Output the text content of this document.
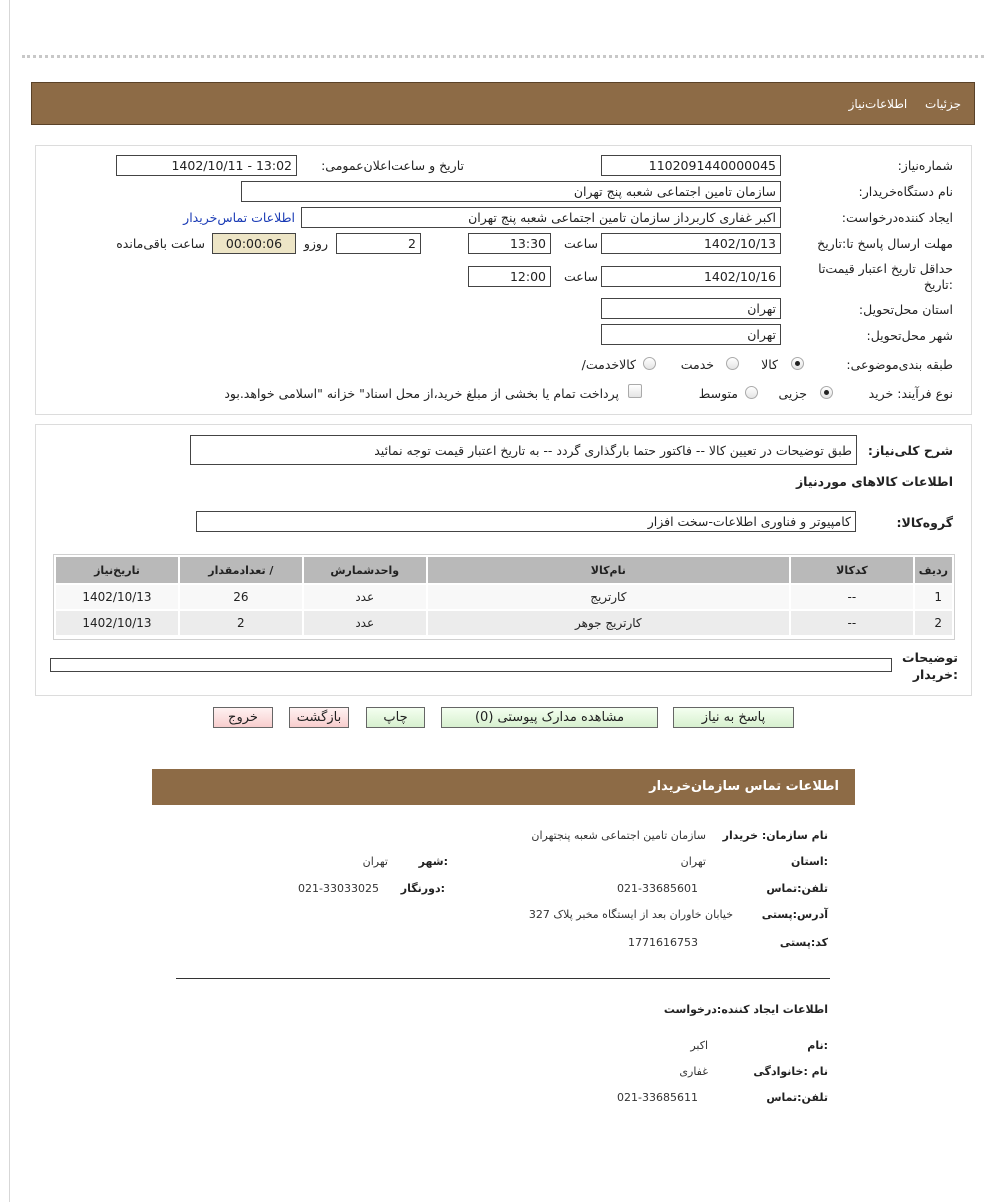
جزئیات اطلاعات‌نیاز
شماره‌نیاز:
1102091440000045
تاریخ و ساعت‌اعلان‌عمومی:
1402/10/11 - 13:02
نام دستگاه‌خریدار:
سازمان تامین اجتماعی شعبه پنج تهران
ایجاد کننده‌درخواست:
اکبر غفاری کاربرداز سازمان تامین اجتماعی شعبه پنج تهران
اطلاعات تماس‌خریدار
مهلت ارسال پاسخ تا:تاریخ
1402/10/13
ساعت
13:30
2
روزو
00:00:06
ساعت باقی‌مانده
حداقل تاریخ اعتبار قیمت‌تا
:تاریخ
1402/10/16
ساعت
12:00
استان محل‌تحویل:
تهران
شهر محل‌تحویل:
تهران
طبقه بندی‌موضوعی:
کالا
خدمت
کالاخدمت/
نوع فرآیند: خرید
جزیی
متوسط
پرداخت تمام یا بخشی از مبلغ خرید،از محل اسناد" خزانه "اسلامی خواهد.بود
شرح کلی‌نیاز:
طبق توضیحات در تعیین کالا -- فاکتور حتما بارگذاری گردد -- به تاریخ اعتبار قیمت توجه نمائید
اطلاعات کالاهای موردنیاز
گروه‌کالا:
کامپیوتر و فناوری اطلاعات-سخت افزار
ردیف	کدکالا	نام‌کالا	واحدشمارش	/ تعدادمقدار	تاریخ‌نیاز
1	--	کارتریج	عدد	26	1402/10/13
2	--	کارتریج جوهر	عدد	2	1402/10/13
توضیحات
:خریدار
پاسخ به نیاز
مشاهده مدارک پیوستی (0)
چاپ
بازگشت
خروج
اطلاعات تماس سازمان‌خریدار
نام سازمان: خریدار
سازمان تامین اجتماعی شعبه پنجتهران
:استان
تهران
:شهر
تهران
تلفن:تماس
021-33685601
:دورنگار
021-33033025
آدرس:پستی
خیابان خاوران بعد از ایستگاه مخبر پلاک 327
کد:پستی
1771616753
اطلاعات ایجاد کننده:درخواست
:نام
اکبر
نام :خانوادگی
غفاری
تلفن:تماس
021-33685611
